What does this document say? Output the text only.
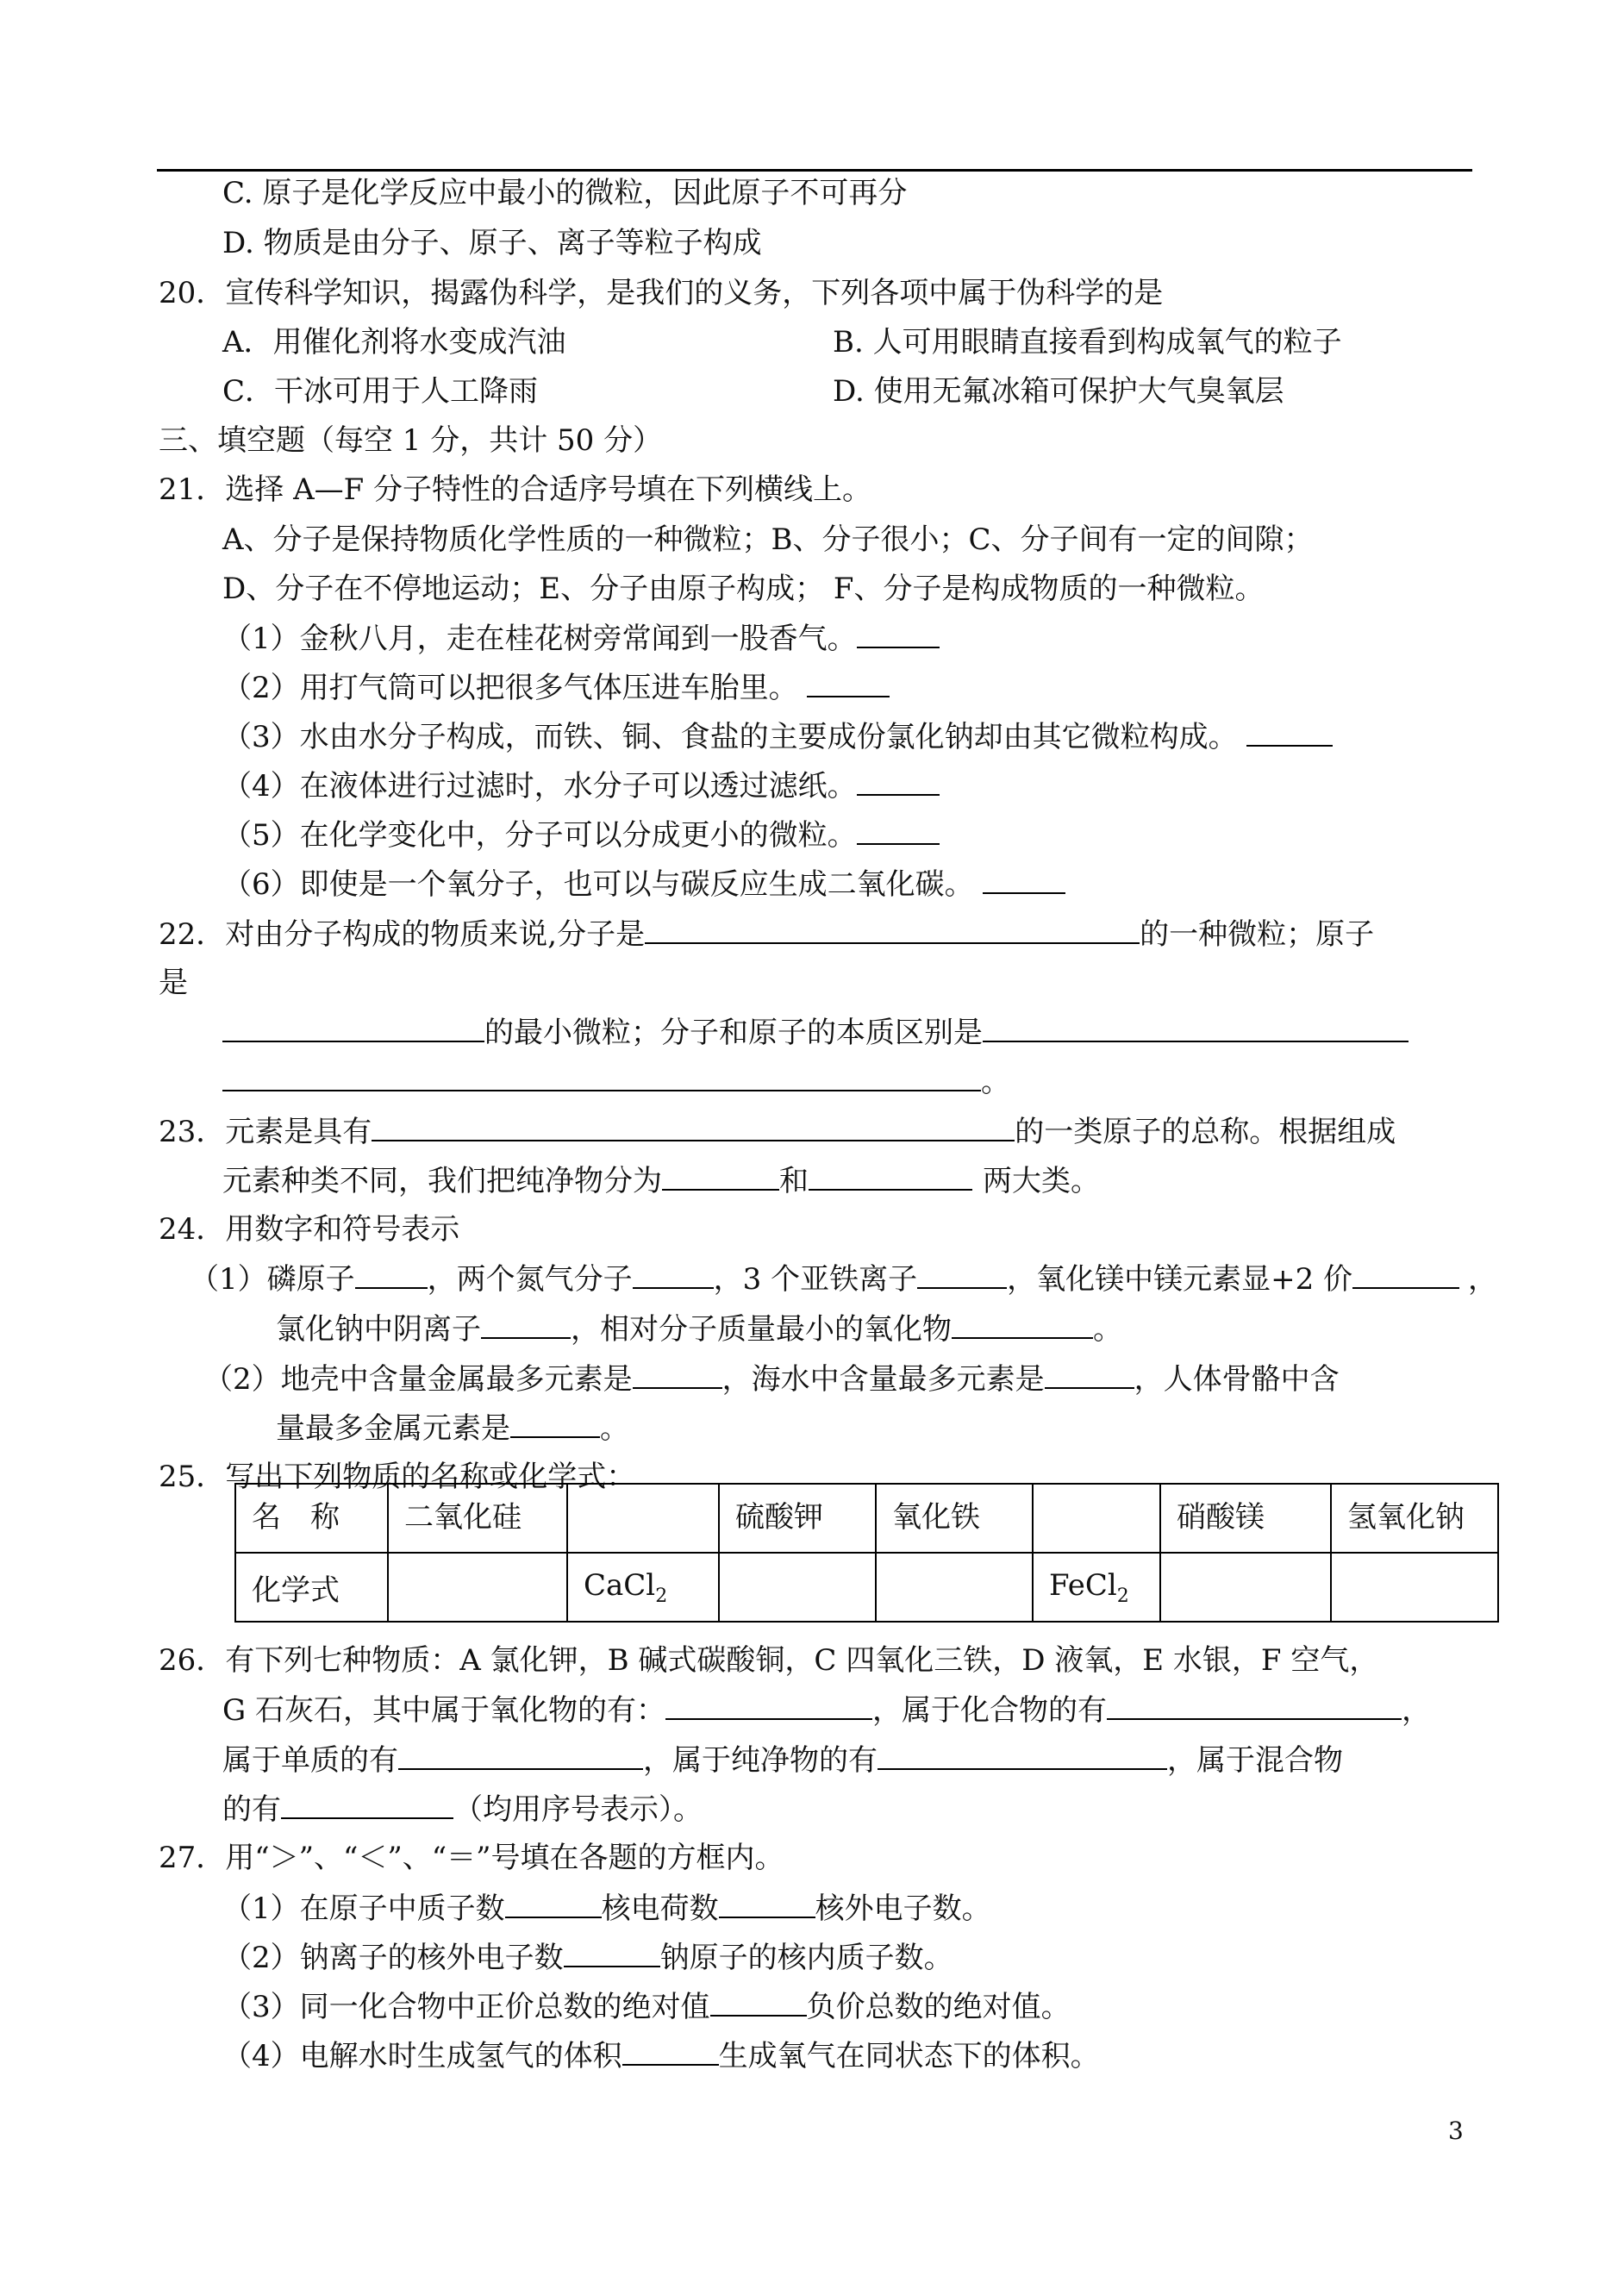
C. 原子是化学反应中最小的微粒，因此原子不可再分
D. 物质是由分子、原子、离子等粒子构成
20．宣传科学知识，揭露伪科学，是我们的义务，下列各项中属于伪科学的是
A．用催化剂将水变成汽油	B. 人可用眼睛直接看到构成氧气的粒子
C．干冰可用于人工降雨	D. 使用无氟冰箱可保护大气臭氧层
三、填空题（每空 1 分，共计 50 分）
21．选择 A—F 分子特性的合适序号填在下列横线上。
A、分子是保持物质化学性质的一种微粒；B、分子很小；C、分子间有一定的间隙；
D、分子在不停地运动；E、分子由原子构成； F、分子是构成物质的一种微粒。
（1）金秋八月，走在桂花树旁常闻到一股香气。
（2）用打气筒可以把很多气体压进车胎里。
（3）水由水分子构成，而铁、铜、食盐的主要成份氯化钠却由其它微粒构成。
（4）在液体进行过滤时，水分子可以透过滤纸。
（5）在化学变化中，分子可以分成更小的微粒。
（6）即使是一个氧分子，也可以与碳反应生成二氧化碳。
22．对由分子构成的物质来说,分子是	的一种微粒；原子
是
的最小微粒；分子和原子的本质区别是
。
23．元素是具有	的一类原子的总称。根据组成
元素种类不同，我们把纯净物分为	和	两大类。
24．用数字和符号表示
（1）磷原子 ，两个氮气分子	，3 个亚铁离子	，氧化镁中镁元素显+2 价	，
氯化钠中阴离子	，相对分子质量最小的氧化物	。
（2）地壳中含量金属最多元素是	，海水中含量最多元素是	，人体骨骼中含
量最多金属元素是	。
25．写出下列物质的名称或化学式：
名　称	二氧化硅		硫酸钾	氧化铁		硝酸镁	氢氧化钠
化学式		CaCl$_2$			FeCl$_2$		
26．有下列七种物质：A 氯化钾，B 碱式碳酸铜，C 四氧化三铁，D 液氧，E 水银，F 空气，
G 石灰石，其中属于氧化物的有：	，属于化合物的有	，
属于单质的有	，属于纯净物的有	，属于混合物
的有	（均用序号表示）。
27．用“＞”、“＜”、“＝”号填在各题的方框内。
（1）在原子中质子数	核电荷数	核外电子数。
（2）钠离子的核外电子数	钠原子的核内质子数。
（3）同一化合物中正价总数的绝对值	负价总数的绝对值。
（4）电解水时生成氢气的体积	生成氧气在同状态下的体积。
3
